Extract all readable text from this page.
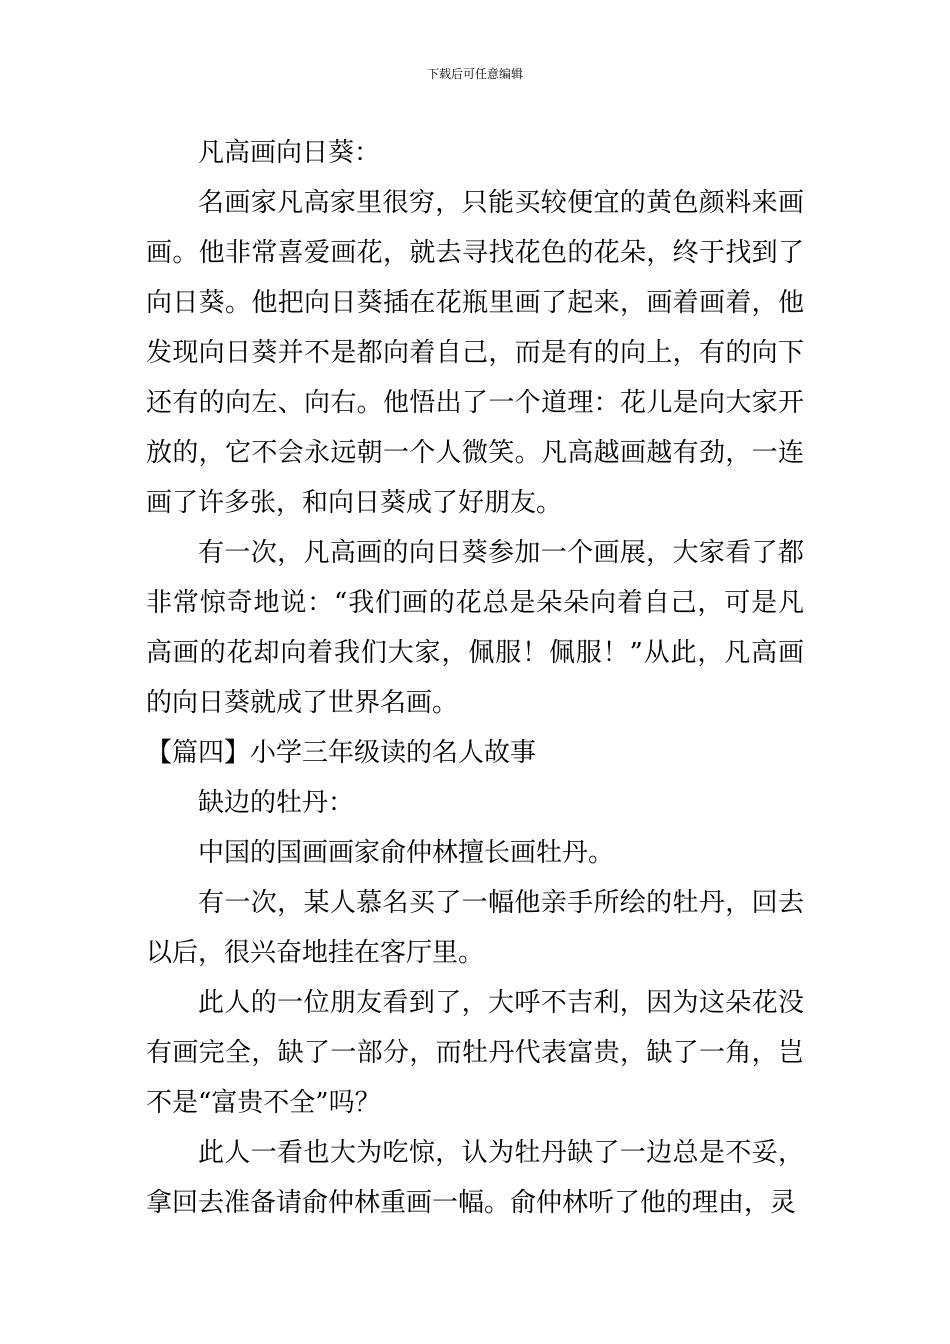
下载后可任意编辑

凡高画向日葵：

名画家凡高家里很穷，只能买较便宜的黄色颜料来画画。他非常喜爱画花，就去寻找花色的花朵，终于找到了向日葵。他把向日葵插在花瓶里画了起来，画着画着，他发现向日葵并不是都向着自己，而是有的向上，有的向下还有的向左、向右。他悟出了一个道理：花儿是向大家开放的，它不会永远朝一个人微笑。凡高越画越有劲，一连画了许多张，和向日葵成了好朋友。

有一次，凡高画的向日葵参加一个画展，大家看了都非常惊奇地说：“我们画的花总是朵朵向着自己，可是凡高画的花却向着我们大家，佩服！佩服！”从此，凡高画的向日葵就成了世界名画。

【篇四】小学三年级读的名人故事

缺边的牡丹：

中国的国画画家俞仲林擅长画牡丹。

有一次，某人慕名买了一幅他亲手所绘的牡丹，回去以后，很兴奋地挂在客厅里。

此人的一位朋友看到了，大呼不吉利，因为这朵花没有画完全，缺了一部分，而牡丹代表富贵，缺了一角，岂不是“富贵不全”吗？

此人一看也大为吃惊，认为牡丹缺了一边总是不妥，拿回去准备请俞仲林重画一幅。俞仲林听了他的理由，灵
